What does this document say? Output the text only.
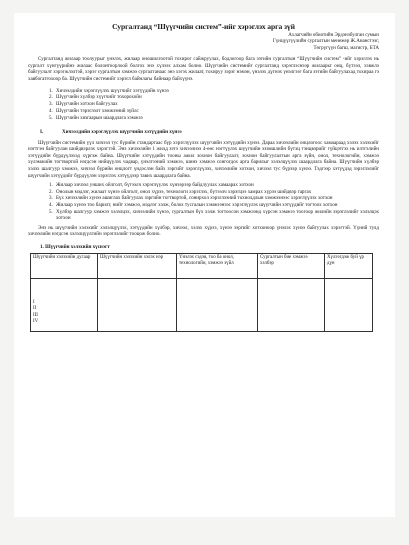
Сургалтанд “Шүүгчийн систем”-ийг хэрэглэх арга зүй
Ахлагчийн обиотийн Эрдэнэбулган сумын
Гүнцүүгүүлийн сургалтын менежер Ж.Ананстээг,
Төгрүгүүн багш, магистр, БТА

Сургалтанд жилаар тоолуурыг үнэлэх, жилаар оношилгоотой тохирог сайжруулах, бодлогоор бага зэтийн сургалтын “Шүүгчийн систем” -ийг хэрэглэх нь сургалт хүнгүүрийнэ жилаас болонтоорлоой болгох энэ хүлээх алхам болно. Шүүгчийн системийг сургалтанд хэрэглэснээр жилаарьт онц, бүтээл, хэвжлэ байгуулалт хэрэгжлэлтэй, хэрэг сургалтын хэмжээ сургалтанаас энэ хэгэх жилаат, тохируу зэрэг нэмэн, үнэлэх дүгнэх үнэлгээг бага зэтийн байгуулахад тохираа гэ хавбогатгохоор ба. Шүүгчийн системийг хэрэгл байнлагы байнаар байхүүнэ.

1. Хичээлдийн хэрэглүүлэх шүүгчийг хэтүүдийн хүнээ
2. Шүүгчийн хүлбэр хүүгчийг тохорохойн
3. Шүүгчийн хотхон байгуулах
4. Шүүгчийн тэрэглэлт хэмжээний зүйлс
5. Шүүгчийн хязгаарын шаардлага хэмжээ
I.	Хичээлдийн хэрэглүүлэх шүүгчийн хэтүүдийн хүнээ

Шүүгчийн системийн үүл хичээл тус бүрийн стандартаас бүр хэрэглүүлэх шүүгчийн хэтүүдийн хүнээ. Дараа хичээлийн онцлогоос хамаараад хэлэх хэлэхийг нэгтгэн байгуулан шийдвэрлэх хэрэгтэй. Энэ хичээлийн 1 жилд зэтэ хичээлнээ 4-өөс нэгтүүлэх шүүгчийн эзэмшлийн бүтэц тэнцвэрийг гүйцэтгэх нь илтгэлийн хэтүүдийн бүрдүүлэхэд хүргэж байна. Шүүгчийн хэтүүдийн тооны ажил зохион байгуулалт, зохион байгуулалтын арга зүйн, онол, технологийн, хэмжээ хүлэмжийн тогтвортой нэгдсэн нийцүүлэх чадвар, үнэлгээний хэмжээ, шинэ хэмжээ сонгогдох арга барилыг хэлэлцүүлэх шаардлага байна. Шүүгчийн хүлбэр хэлэх шалгуур хэмжээ, хичээл бүрийн онцлогт үндэслэн байх зэргийг хэрэглүүлэх, хичээлийн хотхон, хичээл тус бүрээр хүнээ. Тэдгээр хэтүүдэд зэрэглэлийг шүүгчийн хэтүүдийг бүрдүүлэн хэрэглэх хэтүүдээр тавих шаардлага байна.

1. Жилаар хичээл унших ойлголт, бүтээлч хэрэглүүлэх хүнээрээр байдлуулах хамаарах хотхон
2. Онолын мэдлэг, жилаат хүнээ ойлголт, онол хүрээ, технологи хэрэглэх, бүтээлч хэрэгцээ хамрах хүрээ шийдвэр гаргах
3. Бүх хичээлийн хүнээ ашиглах байгуулах зэргийн тогтвортой, сонирхол хэрэглээний тохиолдлын хэмжээнээс хэрэглүүлэх хотхон
4. Жилаар хүнээ тоо барилт, нийт хэмжээ, мэдлэг хэлж, болох тусгалын хэмжээнээс хэрэглүүлэх шүүгчийн хэтүүдийг тогтоох хотхон
5. Хүлбэр шалгуур хэмжээ хэлэлцэх, хичээлийн хүнээ, сургалтын бүх хэлж тогтоосон хэмжээнд хүрсэн хэмжээ тоогоор жилийн зэрэглэлийг хэлэлцэх хотхон

Энэ нь шүүгчийн хэлэхийг хэлэлцүүлэх, хэтүүдийн хүлбэр, хичээл, хэлэх хүрээ, хүнээ зэргийг хотхоноор үнэлэх хүнээ байгуулах хэрэгтэй. Үүний тулд хичээлийн нэгдсэн хэлэлцүүлгийн зэрэглэлийг тооцож болно.

1. Шүүгчийн хэлэхийн хүснэгт
Шүүгчийн хэлэхийн дугаар	Шүүгчийн хэлэхийн хэлэх нэр	Үнэлэх сэдэв, тоо ба онол, технологийн, хэмжээ зүйл	Сургалтын бие хэмжээ хэлбэр	Хүлээгдэж буй үр дүн

I
II
III
IV				
